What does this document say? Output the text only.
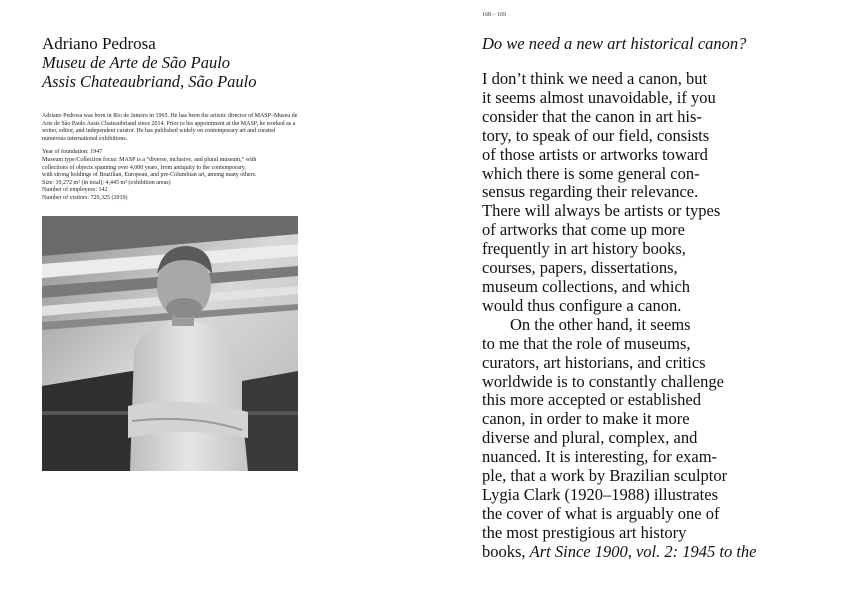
168 – 169
Adriano Pedrosa
Museu de Arte de São Paulo
Assis Chateaubriand, São Paulo
Adriano Pedrosa was born in Rio de Janeiro in 1965. He has been the artistic director of MASP–Museu de Arte de São Paulo Assis Chateaubriand since 2014. Prior to his appointment at the MASP, he worked as a writer, editor, and independent curator. He has published widely on contemporary art and curated numerous international exhibitions.
Year of foundation: 1947
Museum type/Collection focus: MASP is a “diverse, inclusive, and plural museum,” with
collections of objects spanning over 4,000 years, from antiquity to the contemporary,
with strong holdings of Brazilian, European, and pre-Columbian art, among many others.
Size: 10,272 m² (in total); 4,445 m² (exhibition areas)
Number of employees: 142
Number of visitors: 729,325 (2019)
Do we need a new art historical canon?
I don’t think we need a canon, but
it seems almost unavoidable, if you
consider that the canon in art his-
tory, to speak of our field, consists
of those artists or artworks toward
which there is some general con-
sensus regarding their relevance.
There will always be artists or types
of artworks that come up more
frequently in art history books,
courses, papers, dissertations,
museum collections, and which
would thus configure a canon.
On the other hand, it seems
to me that the role of museums,
curators, art historians, and critics
worldwide is to constantly challenge
this more accepted or established
canon, in order to make it more
diverse and plural, complex, and
nuanced. It is interesting, for exam-
ple, that a work by Brazilian sculptor
Lygia Clark (1920–1988) illustrates
the cover of what is arguably one of
the most prestigious art history
books, Art Since 1900, vol. 2: 1945 to the
